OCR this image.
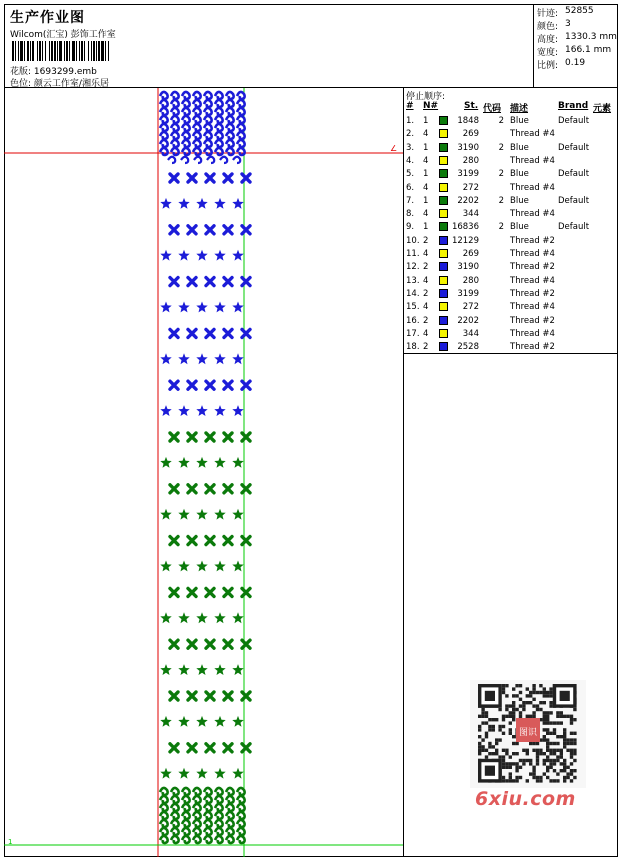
生产作业图
Wilcom(汇宝) 彭饰工作室
花版: 1693299.emb
色位: 颜云工作室/湘乐居
针迹: 52855
颜色: 3
高度: 1330.3 mm
宽度: 166.1 mm
比例: 0.19
1
∠
停止顺序:
# N#	St. 代码 描述	Brand 元素
1. 1	1848 2 Blue	Default
2. 4	269	Thread #4
3. 1	3190 2 Blue	Default
4. 4	280	Thread #4
5. 1	3199 2 Blue	Default
6. 4	272	Thread #4
7. 1	2202 2 Blue	Default
8. 4	344	Thread #4
9. 1	16836 2 Blue	Default
10. 2	12129	Thread #2
11. 4	269	Thread #4
12. 2	3190	Thread #2
13. 4	280	Thread #4
14. 2	3199	Thread #2
15. 4	272	Thread #4
16. 2	2202	Thread #2
17. 4	344	Thread #4
18. 2	2528	Thread #2
图识
6xiu.com
